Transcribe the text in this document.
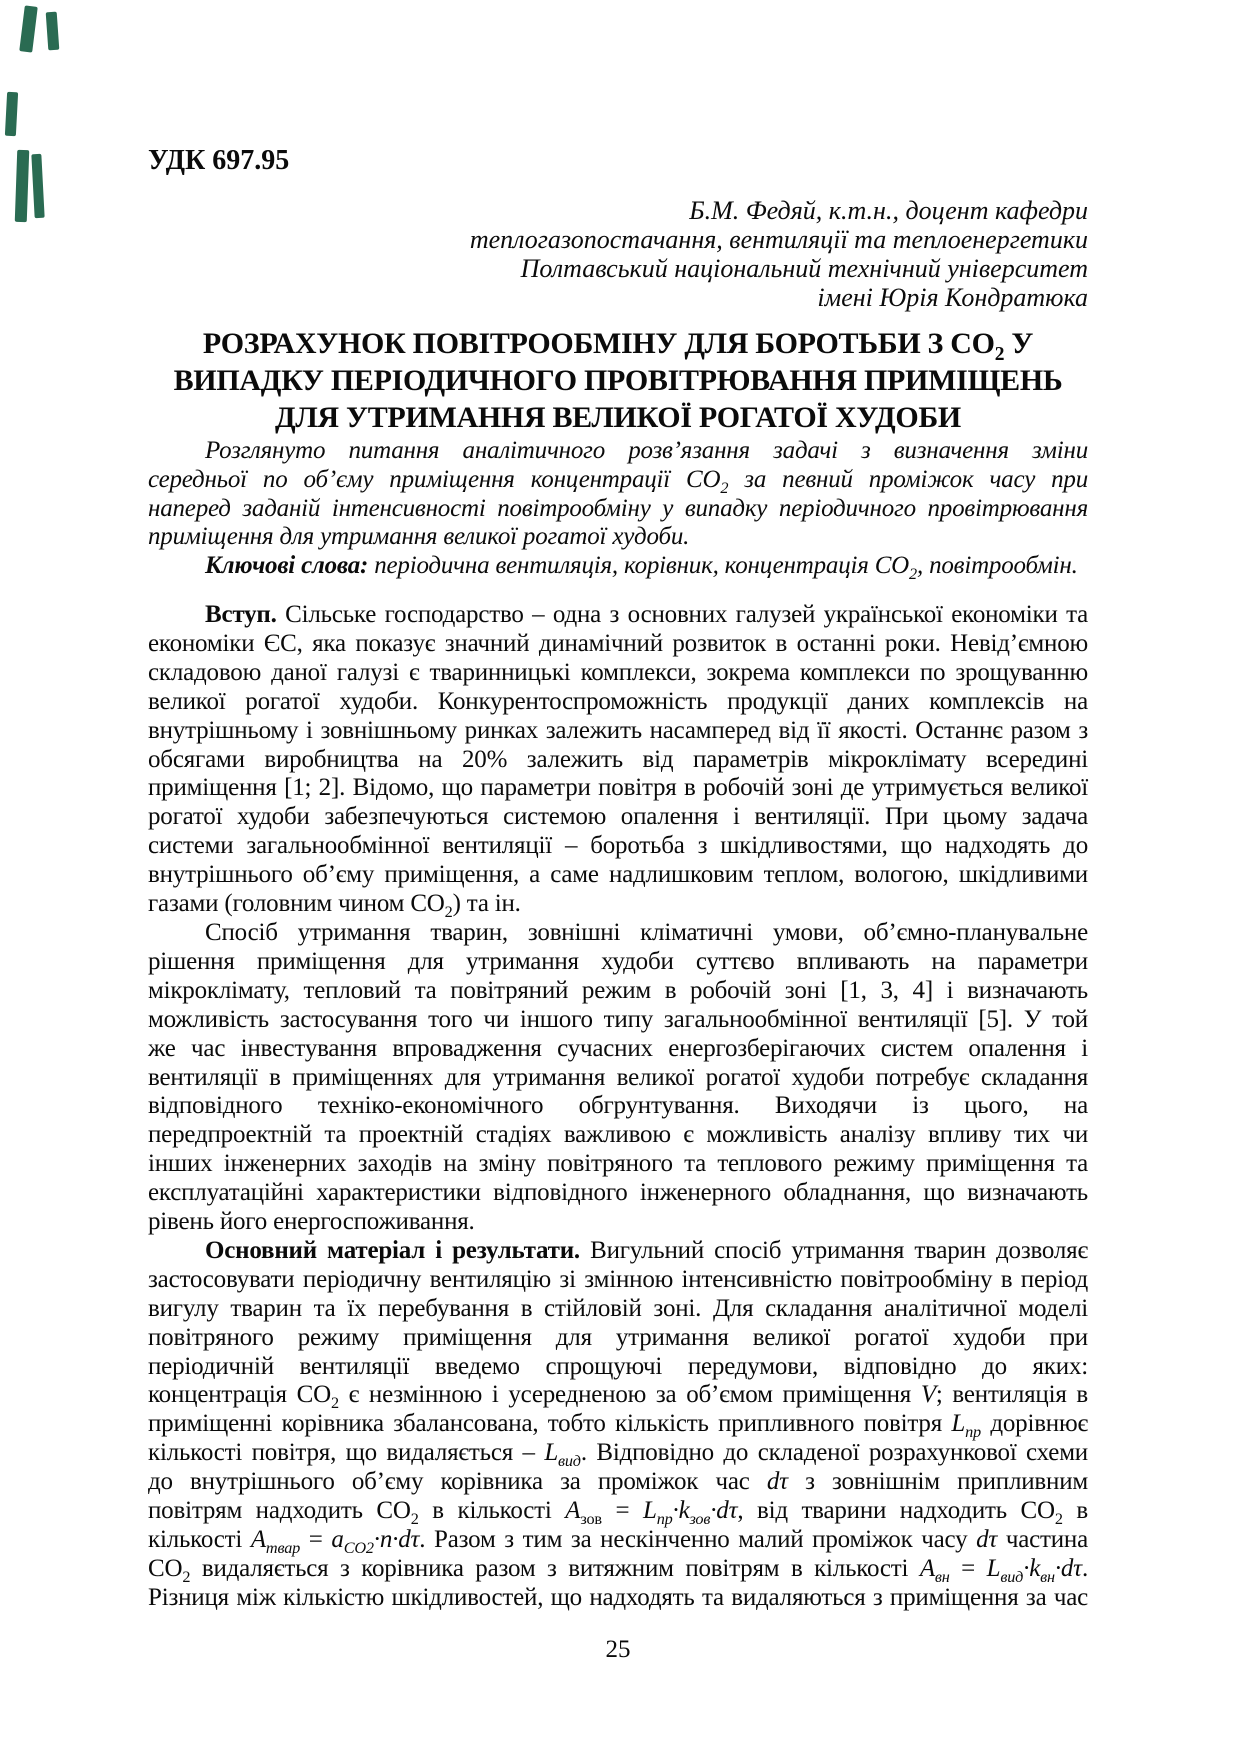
УДК 697.95
Б.М. Федяй, к.т.н., доцент кафедри
теплогазопостачання, вентиляції та теплоенергетики
Полтавський національний технічний університет
імені Юрія Кондратюка
РОЗРАХУНОК ПОВІТРООБМІНУ ДЛЯ БОРОТЬБИ З $СО_2$ У
ВИПАДКУ ПЕРІОДИЧНОГО ПРОВІТРЮВАННЯ ПРИМІЩЕНЬ
ДЛЯ УТРИМАННЯ ВЕЛИКОЇ РОГАТОЇ ХУДОБИ
Розглянуто питання аналітичного розв’язання задачі з визначення зміни
середньої по об’єму приміщення концентрації $СО_2$ за певний проміжок часу при
наперед заданій інтенсивності повітрообміну у випадку періодичного провітрювання
приміщення для утримання великої рогатої худоби.
Ключові слова: періодична вентиляція, корівник, концентрація $СО_2$, повітрообмін.
Вступ. Сільське господарство – одна з основних галузей української економіки та
економіки ЄС, яка показує значний динамічний розвиток в останні роки. Невід’ємною
складовою даної галузі є тваринницькі комплекси, зокрема комплекси по зрощуванню
великої рогатої худоби. Конкурентоспроможність продукції даних комплексів на
внутрішньому і зовнішньому ринках залежить насамперед від її якості. Останнє разом з
обсягами виробництва на 20% залежить від параметрів мікроклімату всередині
приміщення [1; 2]. Відомо, що параметри повітря в робочій зоні де утримується великої
рогатої худоби забезпечуються системою опалення і вентиляції. При цьому задача
системи загальнообмінної вентиляції – боротьба з шкідливостями, що надходять до
внутрішнього об’єму приміщення, а саме надлишковим теплом, вологою, шкідливими
газами (головним чином $СО_2$) та ін.
Спосіб утримання тварин, зовнішні кліматичні умови, об’ємно-планувальне
рішення приміщення для утримання худоби суттєво впливають на параметри
мікроклімату, тепловий та повітряний режим в робочій зоні [1, 3, 4] і визначають
можливість застосування того чи іншого типу загальнообмінної вентиляції [5]. У той
же час інвестування впровадження сучасних енергозберігаючих систем опалення і
вентиляції в приміщеннях для утримання великої рогатої худоби потребує складання
відповідного техніко-економічного обгрунтування. Виходячи із цього, на
передпроектній та проектній стадіях важливою є можливість аналізу впливу тих чи
інших інженерних заходів на зміну повітряного та теплового режиму приміщення та
експлуатаційні характеристики відповідного інженерного обладнання, що визначають
рівень його енергоспоживання.
Основний матеріал і результати. Вигульний спосіб утримання тварин дозволяє
застосовувати періодичну вентиляцію зі змінною інтенсивністю повітрообміну в період
вигулу тварин та їх перебування в стійловій зоні. Для складання аналітичної моделі
повітряного режиму приміщення для утримання великої рогатої худоби при
періодичній вентиляції введемо спрощуючі передумови, відповідно до яких:
концентрація $СО_2$ є незмінною і усередненою за об’ємом приміщення V; вентиляція в
приміщенні корівника збалансована, тобто кількість припливного повітря $L_{пр}$ дорівнює
кількості повітря, що видаляється – $L_{вид}$. Відповідно до складеної розрахункової схеми
до внутрішнього об’єму корівника за проміжок час dτ з зовнішнім припливним
повітрям надходить $СО_2$ в кількості $A_{зов} = L_{пр}\cdot k_{зов}\cdot d\tau$, від тварини надходить $СО_2$ в
кількості $A_{твар} = a_{CO2}\cdot n\cdot d\tau$. Разом з тим за нескінченно малий проміжок часу dτ частина
$СО_2$ видаляється з корівника разом з витяжним повітрям в кількості $A_{вн} = L_{вид}\cdot k_{вн}\cdot d\tau$.
Різниця між кількістю шкідливостей, що надходять та видаляються з приміщення за час
25
